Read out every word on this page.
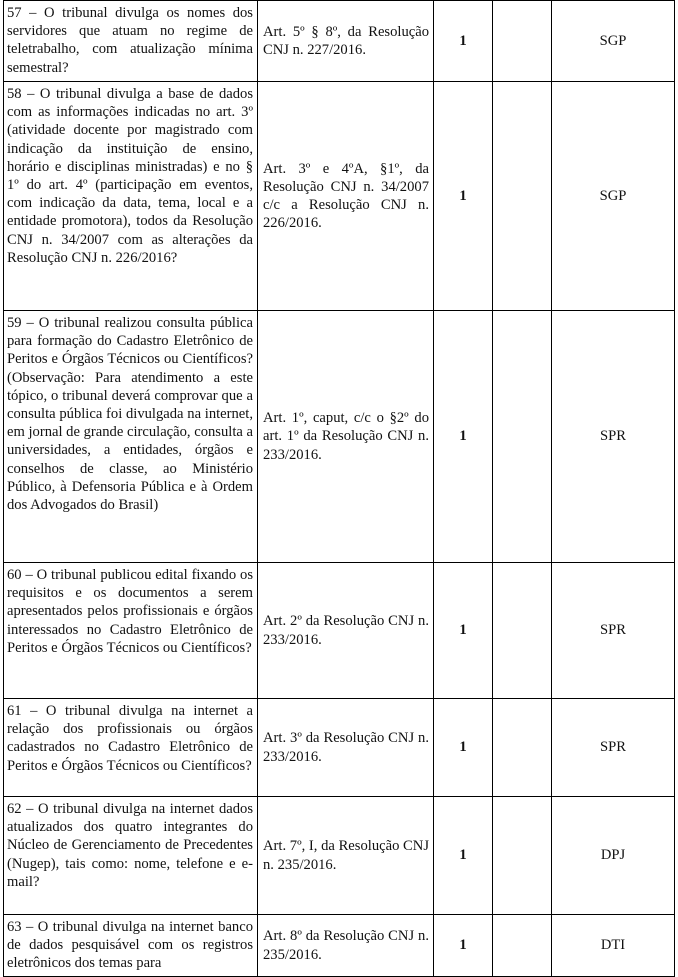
57 – O tribunal divulga os nomes dos servidores que atuam no regime de teletrabalho, com atualização mínima semestral?	Art. 5º § 8º, da Resolução CNJ n. 227/2016.	1		SGP
58 – O tribunal divulga a base de dados com as informações indicadas no art. 3º (atividade docente por magistrado com indicação da instituição de ensino, horário e disciplinas ministradas) e no § 1º do art. 4º (participação em eventos, com indicação da data, tema, local e a entidade promotora), todos da Resolução CNJ n. 34/2007 com as alterações da Resolução CNJ n. 226/2016?	Art. 3º e 4ºA, §1º, da Resolução CNJ n. 34/2007 c/c a Resolução CNJ n. 226/2016.	1		SGP
59 – O tribunal realizou consulta pública para formação do Cadastro Eletrônico de Peritos e Órgãos Técnicos ou Científicos? (Observação: Para atendimento a este tópico, o tribunal deverá comprovar que a consulta pública foi divulgada na internet, em jornal de grande circulação, consulta a universidades, a entidades, órgãos e conselhos de classe, ao Ministério Público, à Defensoria Pública e à Ordem dos Advogados do Brasil)	Art. 1º, caput, c/c o §2º do art. 1º da Resolução CNJ n. 233/2016.	1		SPR
60 – O tribunal publicou edital fixando os requisitos e os documentos a serem apresentados pelos profissionais e órgãos interessados no Cadastro Eletrônico de Peritos e Órgãos Técnicos ou Científicos?	Art. 2º da Resolução CNJ n. 233/2016.	1		SPR
61 – O tribunal divulga na internet a relação dos profissionais ou órgãos cadastrados no Cadastro Eletrônico de Peritos e Órgãos Técnicos ou Científicos?	Art. 3º da Resolução CNJ n. 233/2016.	1		SPR
62 – O tribunal divulga na internet dados atualizados dos quatro integrantes do Núcleo de Gerenciamento de Precedentes (Nugep), tais como: nome, telefone e e-mail?	Art. 7º, I, da Resolução CNJ n. 235/2016.	1		DPJ
63 – O tribunal divulga na internet banco de dados pesquisável com os registros eletrônicos dos temas para	Art. 8º da Resolução CNJ n. 235/2016.	1		DTI
